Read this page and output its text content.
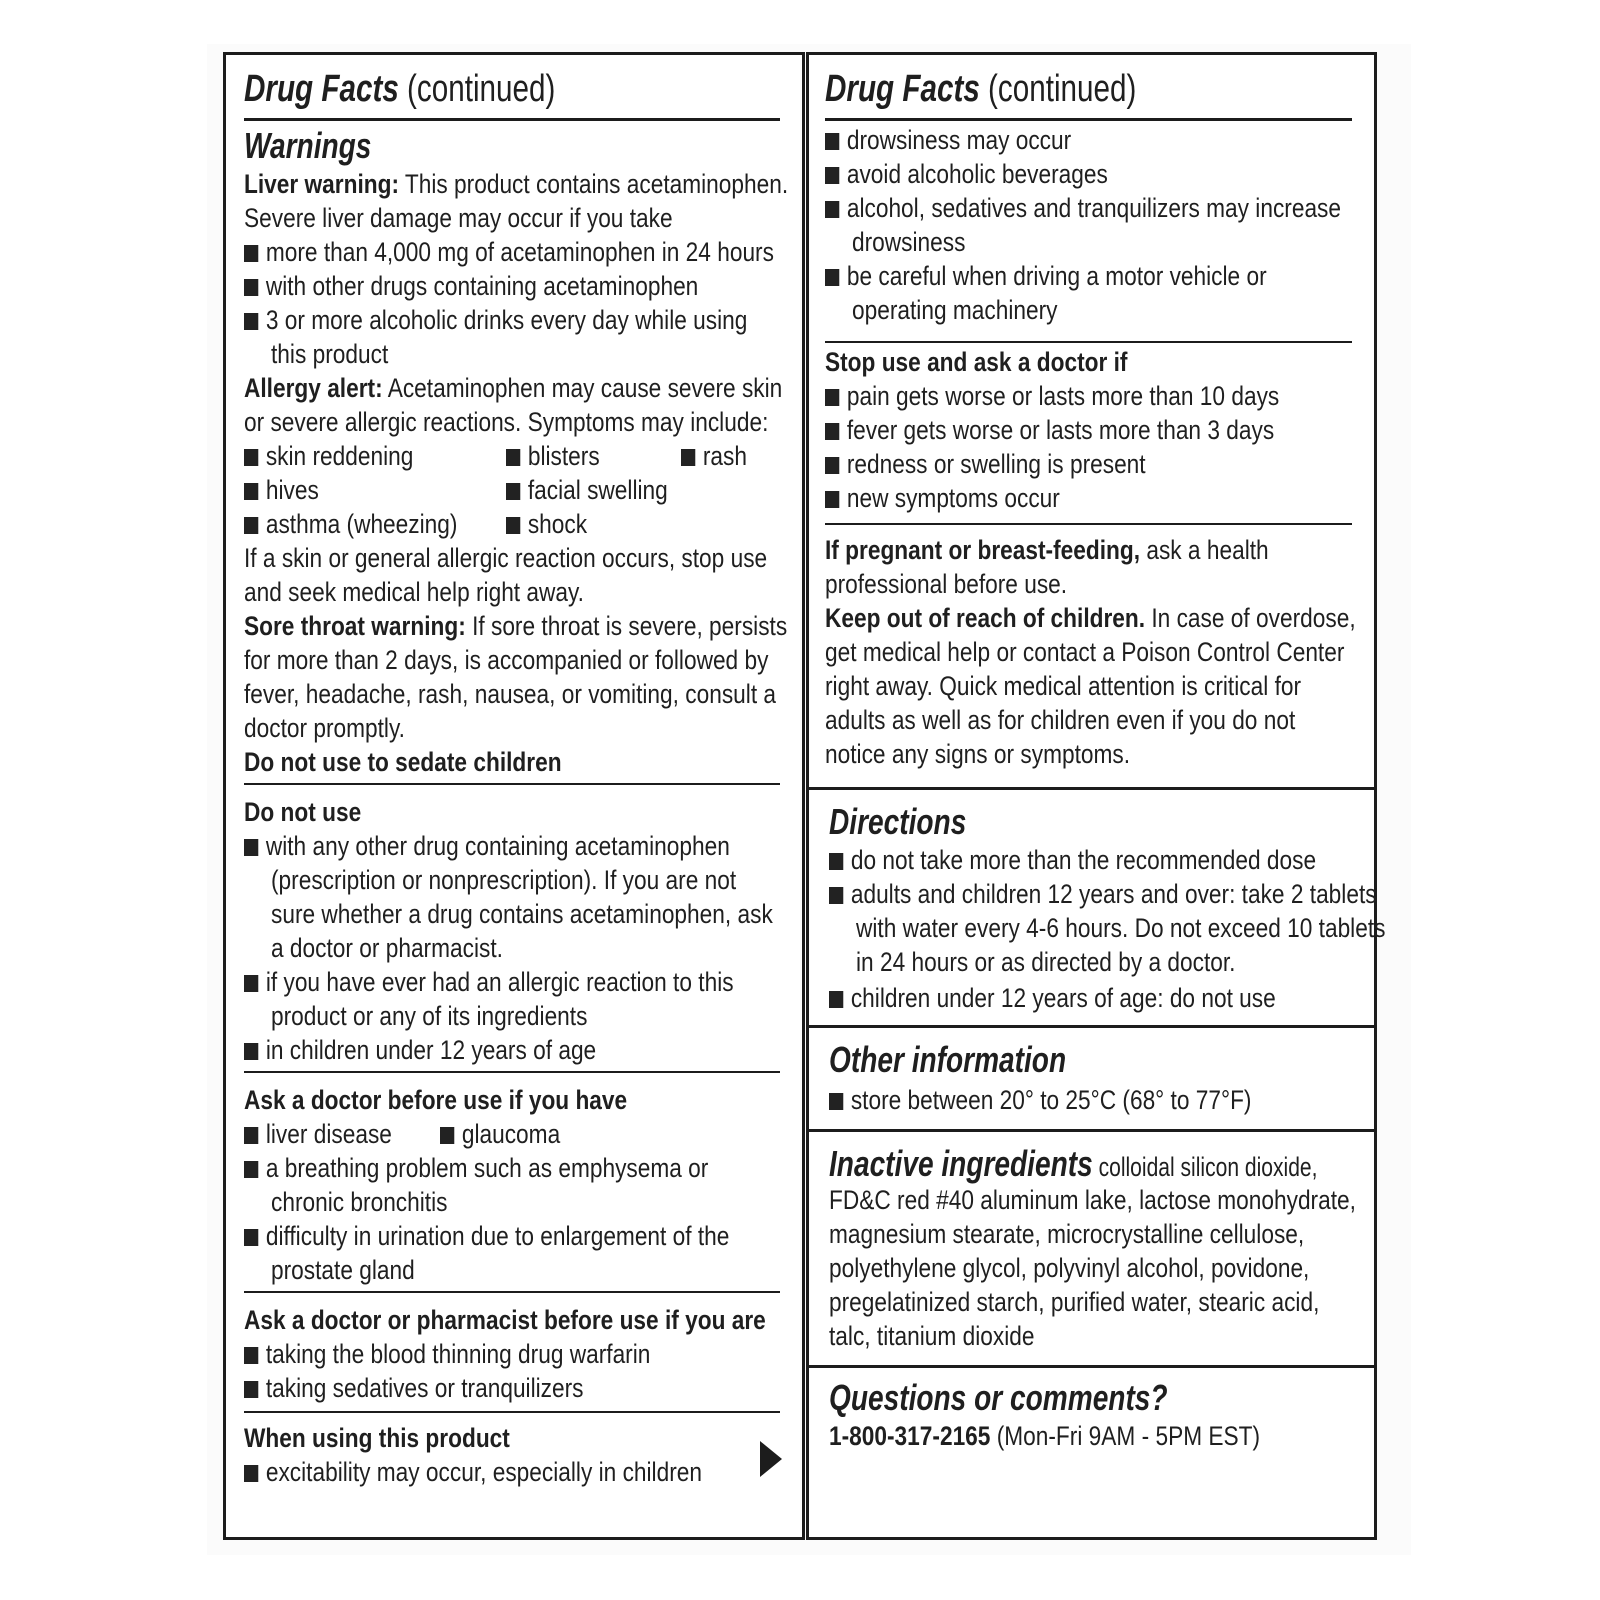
Drug Facts (continued)
Warnings
Liver warning: This product contains acetaminophen.
Severe liver damage may occur if you take
more than 4,000 mg of acetaminophen in 24 hours
with other drugs containing acetaminophen
3 or more alcoholic drinks every day while using
this product
Allergy alert: Acetaminophen may cause severe skin
or severe allergic reactions. Symptoms may include:
skin reddening	blisters	rash
hives	facial swelling
asthma (wheezing)	shock
If a skin or general allergic reaction occurs, stop use
and seek medical help right away.
Sore throat warning: If sore throat is severe, persists
for more than 2 days, is accompanied or followed by
fever, headache, rash, nausea, or vomiting, consult a
doctor promptly.
Do not use to sedate children
Do not use
with any other drug containing acetaminophen
(prescription or nonprescription). If you are not
sure whether a drug contains acetaminophen, ask
a doctor or pharmacist.
if you have ever had an allergic reaction to this
product or any of its ingredients
in children under 12 years of age
Ask a doctor before use if you have
liver disease	glaucoma
a breathing problem such as emphysema or
chronic bronchitis
difficulty in urination due to enlargement of the
prostate gland
Ask a doctor or pharmacist before use if you are
taking the blood thinning drug warfarin
taking sedatives or tranquilizers
When using this product
excitability may occur, especially in children
Drug Facts (continued)
drowsiness may occur
avoid alcoholic beverages
alcohol, sedatives and tranquilizers may increase
drowsiness
be careful when driving a motor vehicle or
operating machinery
Stop use and ask a doctor if
pain gets worse or lasts more than 10 days
fever gets worse or lasts more than 3 days
redness or swelling is present
new symptoms occur
If pregnant or breast-feeding, ask a health
professional before use.
Keep out of reach of children. In case of overdose,
get medical help or contact a Poison Control Center
right away. Quick medical attention is critical for
adults as well as for children even if you do not
notice any signs or symptoms.
Directions
do not take more than the recommended dose
adults and children 12 years and over: take 2 tablets
with water every 4-6 hours. Do not exceed 10 tablets
in 24 hours or as directed by a doctor.
children under 12 years of age: do not use
Other information
store between 20° to 25°C (68° to 77°F)
Inactive ingredients colloidal silicon dioxide,
FD&C red #40 aluminum lake, lactose monohydrate,
magnesium stearate, microcrystalline cellulose,
polyethylene glycol, polyvinyl alcohol, povidone,
pregelatinized starch, purified water, stearic acid,
talc, titanium dioxide
Questions or comments?
1-800-317-2165 (Mon-Fri 9AM - 5PM EST)
